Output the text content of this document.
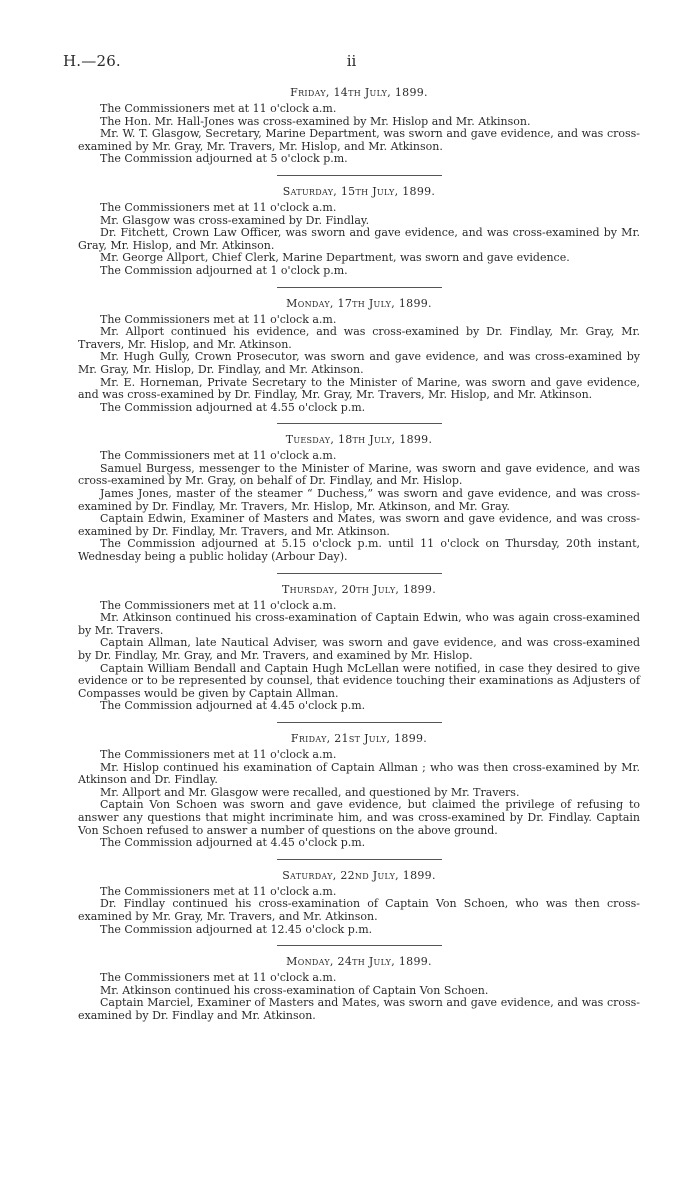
H.—26.	ii
Friday, 14th July, 1899.

The Commissioners met at 11 o'clock a.m.

The Hon. Mr. Hall-Jones was cross-examined by Mr. Hislop and Mr. Atkinson.

Mr. W. T. Glasgow, Secretary, Marine Department, was sworn and gave evidence, and was cross-examined by Mr. Gray, Mr. Travers, Mr. Hislop, and Mr. Atkinson.

The Commission adjourned at 5 o'clock p.m.

Saturday, 15th July, 1899.

The Commissioners met at 11 o'clock a.m.

Mr. Glasgow was cross-examined by Dr. Findlay.

Dr. Fitchett, Crown Law Officer, was sworn and gave evidence, and was cross-examined by Mr. Gray, Mr. Hislop, and Mr. Atkinson.

Mr. George Allport, Chief Clerk, Marine Department, was sworn and gave evidence.

The Commission adjourned at 1 o'clock p.m.

Monday, 17th July, 1899.

The Commissioners met at 11 o'clock a.m.

Mr. Allport continued his evidence, and was cross-examined by Dr. Findlay, Mr. Gray, Mr. Travers, Mr. Hislop, and Mr. Atkinson.

Mr. Hugh Gully, Crown Prosecutor, was sworn and gave evidence, and was cross-examined by Mr. Gray, Mr. Hislop, Dr. Findlay, and Mr. Atkinson.

Mr. E. Horneman, Private Secretary to the Minister of Marine, was sworn and gave evidence, and was cross-examined by Dr. Findlay, Mr. Gray, Mr. Travers, Mr. Hislop, and Mr. Atkinson.

The Commission adjourned at 4.55 o'clock p.m.

Tuesday, 18th July, 1899.

The Commissioners met at 11 o'clock a.m.

Samuel Burgess, messenger to the Minister of Marine, was sworn and gave evidence, and was cross-examined by Mr. Gray, on behalf of Dr. Findlay, and Mr. Hislop.

James Jones, master of the steamer “ Duchess,” was sworn and gave evidence, and was cross-examined by Dr. Findlay, Mr. Travers, Mr. Hislop, Mr. Atkinson, and Mr. Gray.

Captain Edwin, Examiner of Masters and Mates, was sworn and gave evidence, and was cross-examined by Dr. Findlay, Mr. Travers, and Mr. Atkinson.

The Commission adjourned at 5.15 o'clock p.m. until 11 o'clock on Thursday, 20th instant, Wednesday being a public holiday (Arbour Day).

Thursday, 20th July, 1899.

The Commissioners met at 11 o'clock a.m.

Mr. Atkinson continued his cross-examination of Captain Edwin, who was again cross-examined by Mr. Travers.

Captain Allman, late Nautical Adviser, was sworn and gave evidence, and was cross-examined by Dr. Findlay, Mr. Gray, and Mr. Travers, and examined by Mr. Hislop.

Captain William Bendall and Captain Hugh McLellan were notified, in case they desired to give evidence or to be represented by counsel, that evidence touching their examinations as Adjusters of Compasses would be given by Captain Allman.

The Commission adjourned at 4.45 o'clock p.m.

Friday, 21st July, 1899.

The Commissioners met at 11 o'clock a.m.

Mr. Hislop continued his examination of Captain Allman ; who was then cross-examined by Mr. Atkinson and Dr. Findlay.

Mr. Allport and Mr. Glasgow were recalled, and questioned by Mr. Travers.

Captain Von Schoen was sworn and gave evidence, but claimed the privilege of refusing to answer any questions that might incriminate him, and was cross-examined by Dr. Findlay. Captain Von Schoen refused to answer a number of questions on the above ground.

The Commission adjourned at 4.45 o'clock p.m.

Saturday, 22nd July, 1899.

The Commissioners met at 11 o'clock a.m.

Dr. Findlay continued his cross-examination of Captain Von Schoen, who was then cross-examined by Mr. Gray, Mr. Travers, and Mr. Atkinson.

The Commission adjourned at 12.45 o'clock p.m.

Monday, 24th July, 1899.

The Commissioners met at 11 o'clock a.m.

Mr. Atkinson continued his cross-examination of Captain Von Schoen.

Captain Marciel, Examiner of Masters and Mates, was sworn and gave evidence, and was cross-examined by Dr. Findlay and Mr. Atkinson.
